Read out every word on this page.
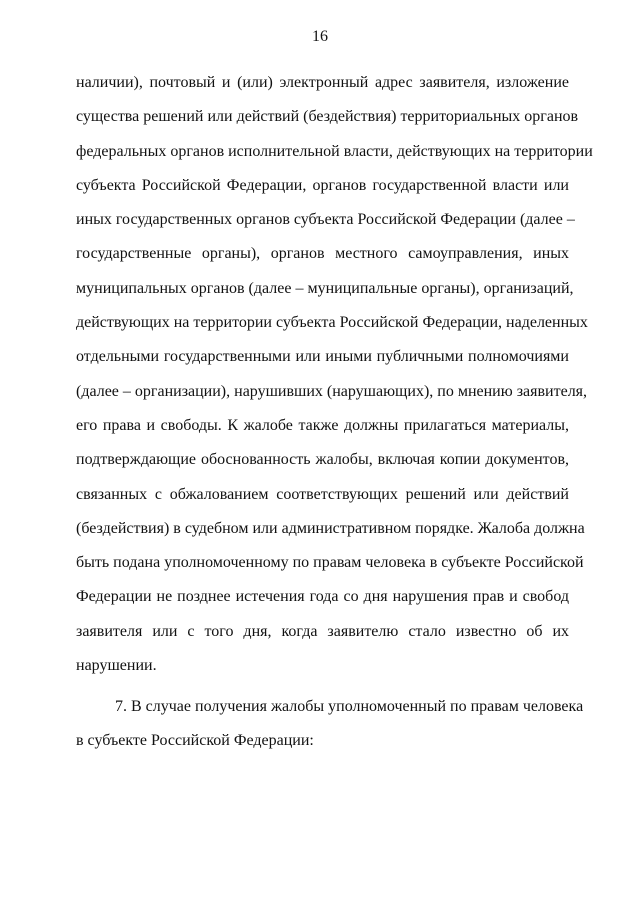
16
наличии), почтовый и (или) электронный адрес заявителя, изложение
существа решений или действий (бездействия) территориальных органов
федеральных органов исполнительной власти, действующих на территории
субъекта Российской Федерации, органов государственной власти или
иных государственных органов субъекта Российской Федерации (далее –
государственные органы), органов местного самоуправления, иных
муниципальных органов (далее – муниципальные органы), организаций,
действующих на территории субъекта Российской Федерации, наделенных
отдельными государственными или иными публичными полномочиями
(далее – организации), нарушивших (нарушающих), по мнению заявителя,
его права и свободы. К жалобе также должны прилагаться материалы,
подтверждающие обоснованность жалобы, включая копии документов,
связанных с обжалованием соответствующих решений или действий
(бездействия) в судебном или административном порядке. Жалоба должна
быть подана уполномоченному по правам человека в субъекте Российской
Федерации не позднее истечения года со дня нарушения прав и свобод
заявителя или с того дня, когда заявителю стало известно об их
нарушении.
7. В случае получения жалобы уполномоченный по правам человека
в субъекте Российской Федерации:
